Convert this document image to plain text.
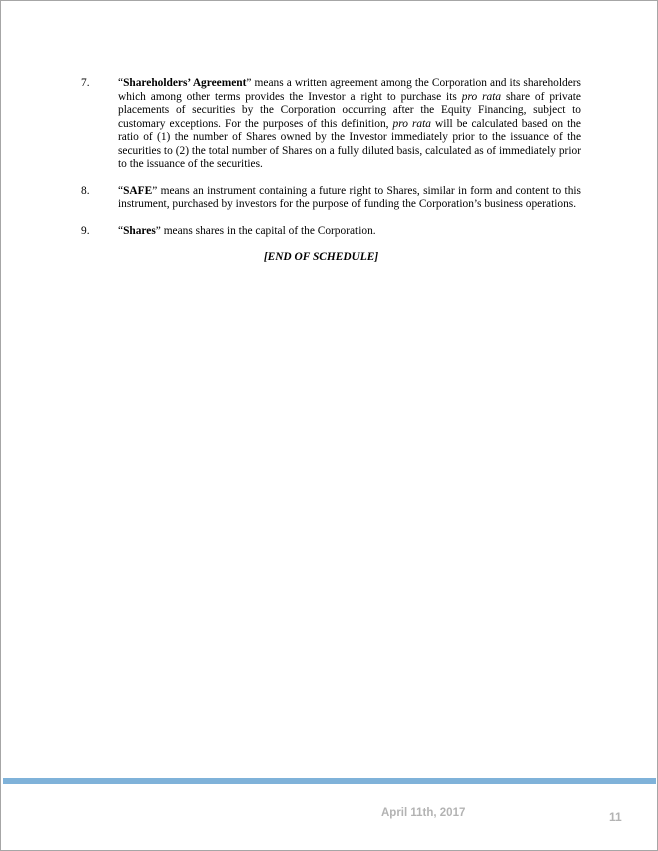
7. “Shareholders’ Agreement” means a written agreement among the Corporation and its shareholders which among other terms provides the Investor a right to purchase its pro rata share of private placements of securities by the Corporation occurring after the Equity Financing, subject to customary exceptions. For the purposes of this definition, pro rata will be calculated based on the ratio of (1) the number of Shares owned by the Investor immediately prior to the issuance of the securities to (2) the total number of Shares on a fully diluted basis, calculated as of immediately prior to the issuance of the securities.
8. “SAFE” means an instrument containing a future right to Shares, similar in form and content to this instrument, purchased by investors for the purpose of funding the Corporation’s business operations.
9. “Shares” means shares in the capital of the Corporation.
[END OF SCHEDULE]
April 11th, 2017	11
